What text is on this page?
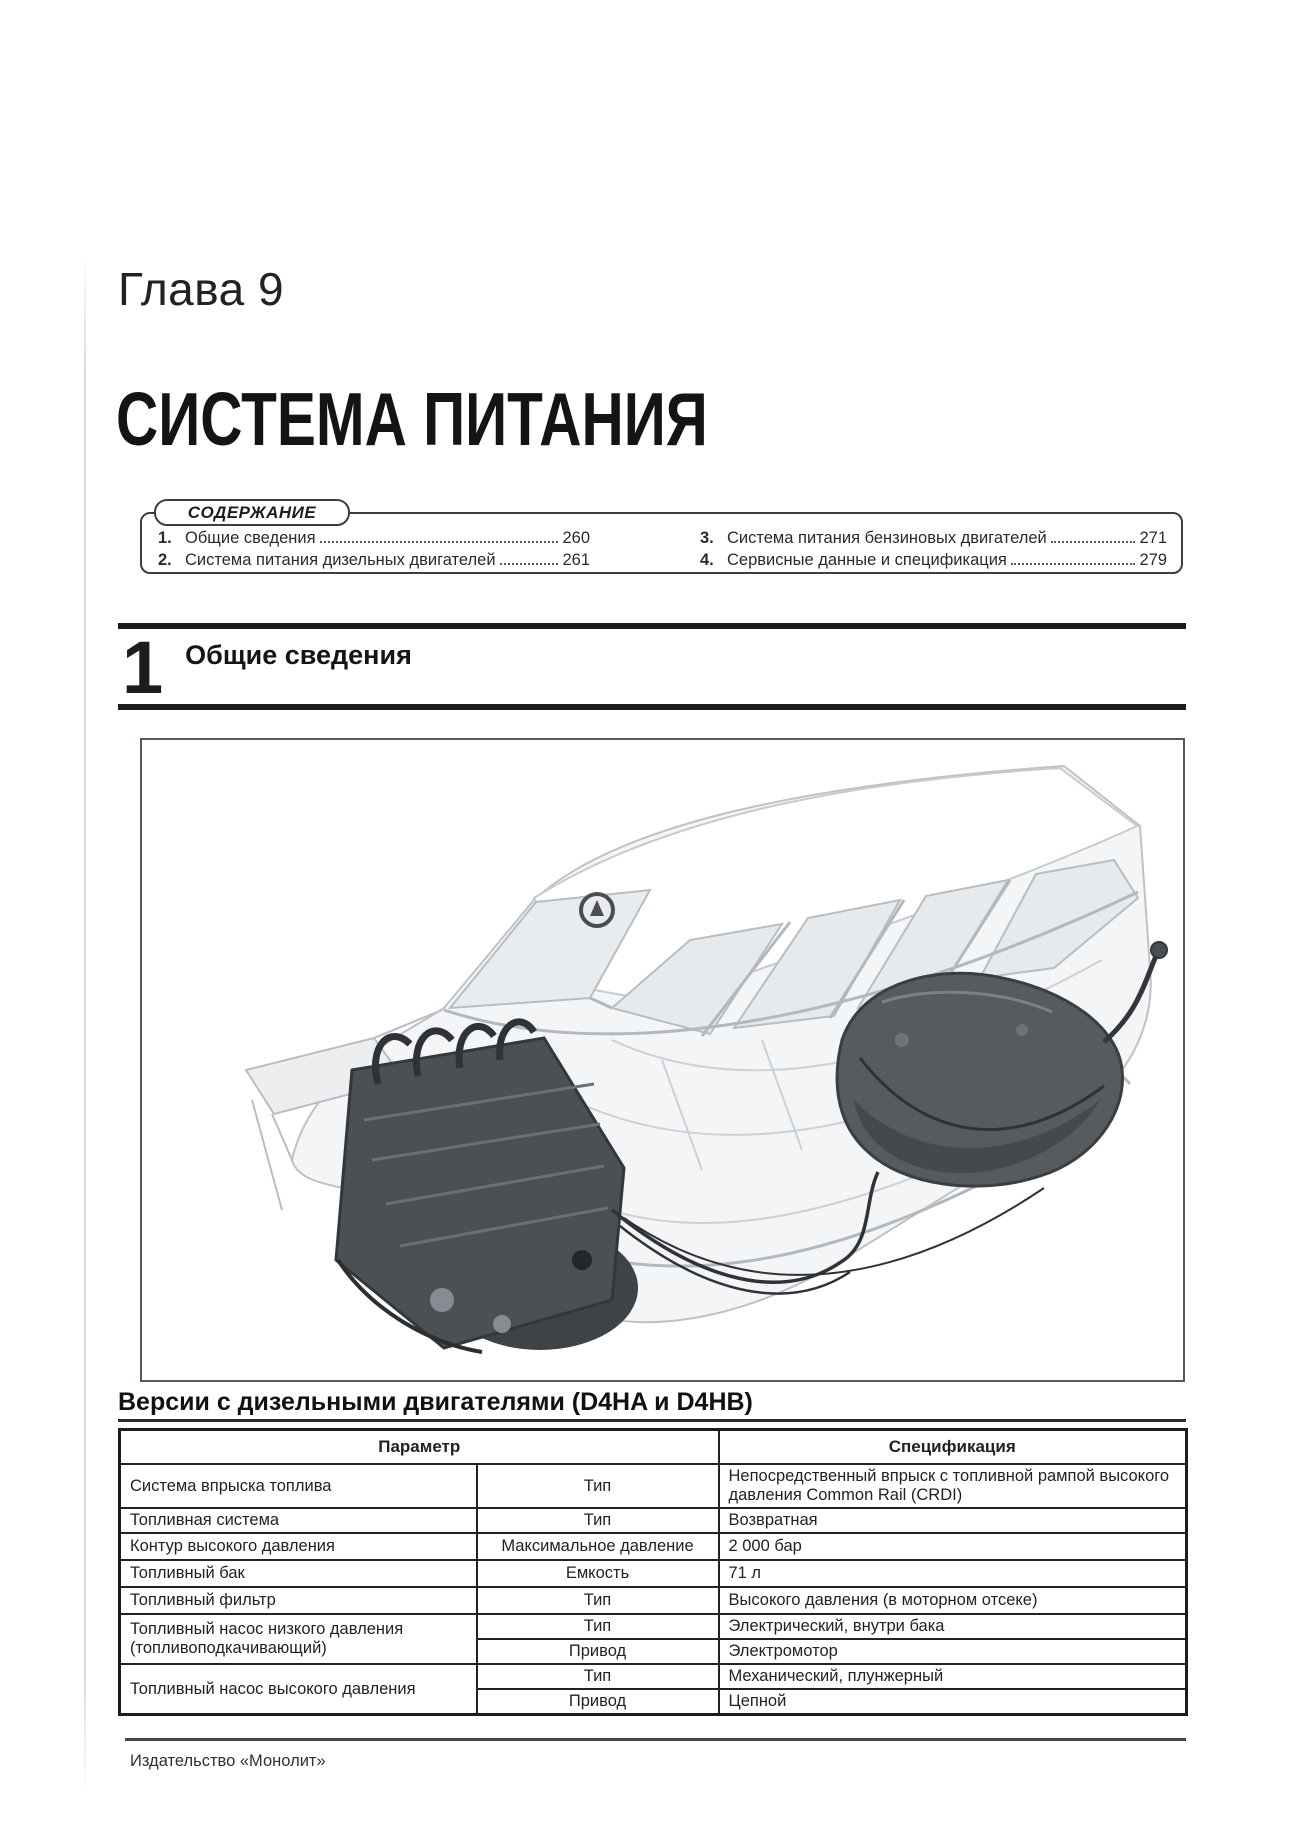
Глава 9
СИСТЕМА ПИТАНИЯ
СОДЕРЖАНИЕ
1. Общие сведения	260
2. Система питания дизельных двигателей	261
3. Система питания бензиновых двигателей	271
4. Сервисные данные и спецификация	279
1 Общие сведения
Версии с дизельными двигателями (D4HA и D4HB)
Параметр		Спецификация
Система впрыска топлива	Тип	Непосредственный впрыск с топливной рампой высокого давления Common Rail (CRDI)
Топливная система	Тип	Возвратная
Контур высокого давления	Максимальное давление	2 000 бар
Топливный бак	Емкость	71 л
Топливный фильтр	Тип	Высокого давления (в моторном отсеке)
Топливный насос низкого давления (топливоподкачивающий)	Тип	Электрический, внутри бака
	Привод	Электромотор
Топливный насос высокого давления	Тип	Механический, плунжерный
	Привод	Цепной
Издательство «Монолит»
